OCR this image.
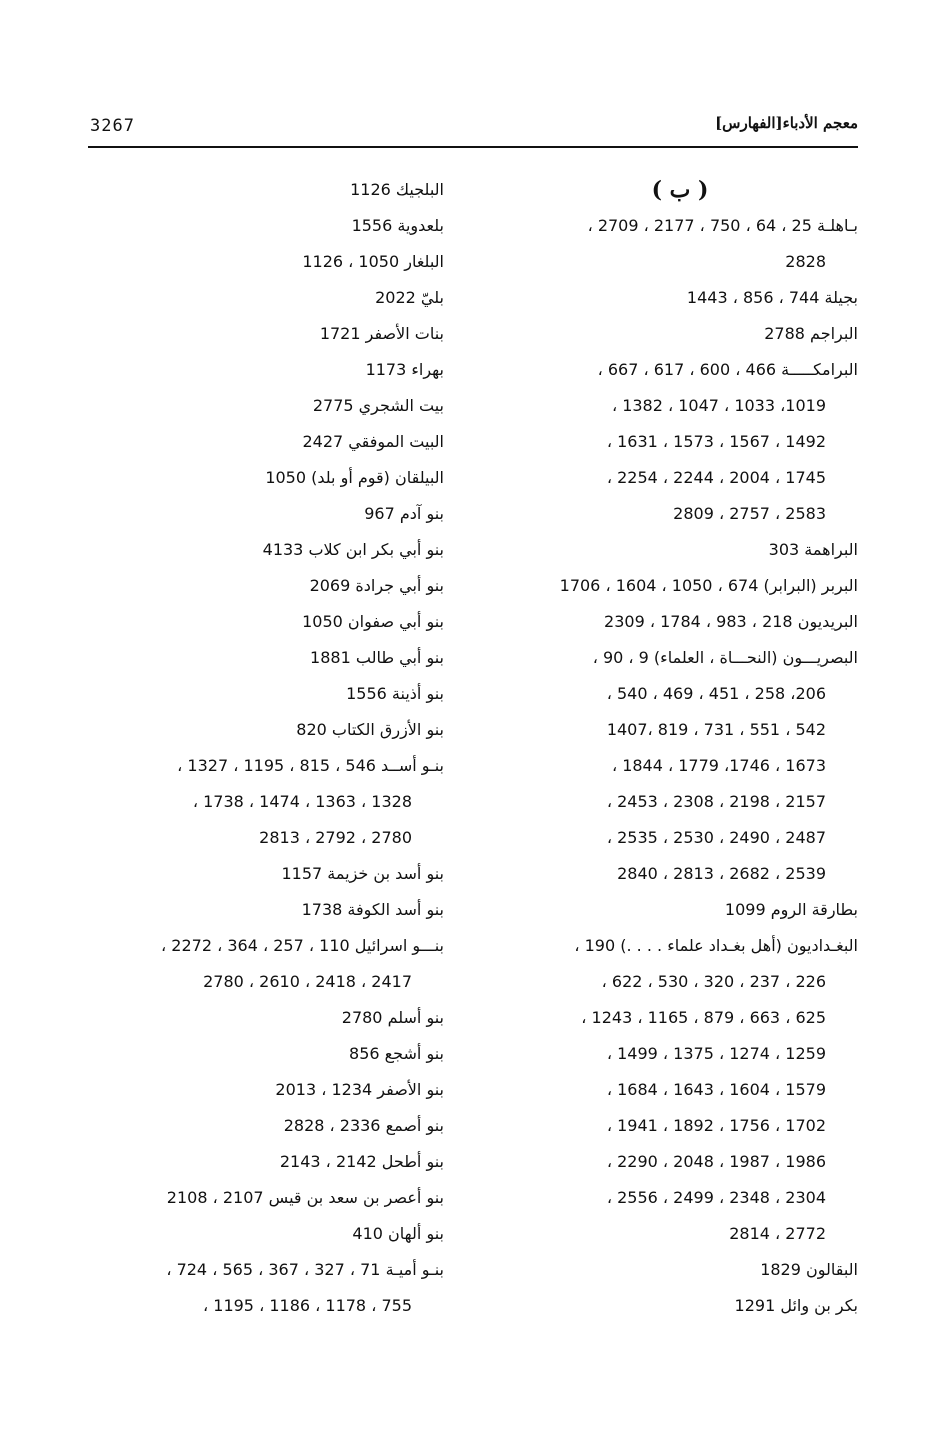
3267	معجم الأدباء[الفهارس]
( ب )
بـاهلـة 25 ، 64 ، 750 ، 2177 ، 2709 ،
2828
بجيلة 744 ، 856 ، 1443
البراجم 2788
البرامكـــــة 466 ، 600 ، 617 ، 667 ،
1019، 1033 ، 1047 ، 1382 ،
1492 ، 1567 ، 1573 ، 1631 ،
1745 ، 2004 ، 2244 ، 2254 ،
2583 ، 2757 ، 2809
البراهمة 303
البربر (البرابر) 674 ، 1050 ، 1604 ، 1706
البريديون 218 ، 983 ، 1784 ، 2309
البصريـــون (النحـــاة ، العلماء) 9 ، 90 ،
206، 258 ، 451 ، 469 ، 540 ،
542 ، 551 ، 731 ، 819 ،1407
1673 ، 1746، 1779 ، 1844 ،
2157 ، 2198 ، 2308 ، 2453 ،
2487 ، 2490 ، 2530 ، 2535 ،
2539 ، 2682 ، 2813 ، 2840
بطارقة الروم 1099
البغـداديون (أهل بغـداد علماء . . . .) 190 ،
226 ، 237 ، 320 ، 530 ، 622 ،
625 ، 663 ، 879 ، 1165 ، 1243 ،
1259 ، 1274 ، 1375 ، 1499 ،
1579 ، 1604 ، 1643 ، 1684 ،
1702 ، 1756 ، 1892 ، 1941 ،
1986 ، 1987 ، 2048 ، 2290 ،
2304 ، 2348 ، 2499 ، 2556 ،
2772 ، 2814
البقالون 1829
بكر بن وائل 1291
البلجيك 1126
بلعدوية 1556
البلغار 1050 ، 1126
بليّ 2022
بنات الأصفر 1721
بهراء 1173
بيت الشجري 2775
البيت الموفقي 2427
البيلقان (قوم أو بلد) 1050
بنو آدم 967
بنو أبي بكر ابن كلاب 4133
بنو أبي جرادة 2069
بنو أبي صفوان 1050
بنو أبي طالب 1881
بنو أذينة 1556
بنو الأزرق الكتاب 820
بنـو أســد 546 ، 815 ، 1195 ، 1327 ،
1328 ، 1363 ، 1474 ، 1738 ،
2780 ، 2792 ، 2813
بنو أسد بن خزيمة 1157
بنو أسد الكوفة 1738
بنـــو اسرائيل 110 ، 257 ، 364 ، 2272 ،
2417 ، 2418 ، 2610 ، 2780
بنو أسلم 2780
بنو أشجع 856
بنو الأصفر 1234 ، 2013
بنو أصمع 2336 ، 2828
بنو أطحل 2142 ، 2143
بنو أعصر بن سعد بن قيس 2107 ، 2108
بنو ألهان 410
بنـو أميـة 71 ، 327 ، 367 ، 565 ، 724 ،
755 ، 1178 ، 1186 ، 1195 ،
